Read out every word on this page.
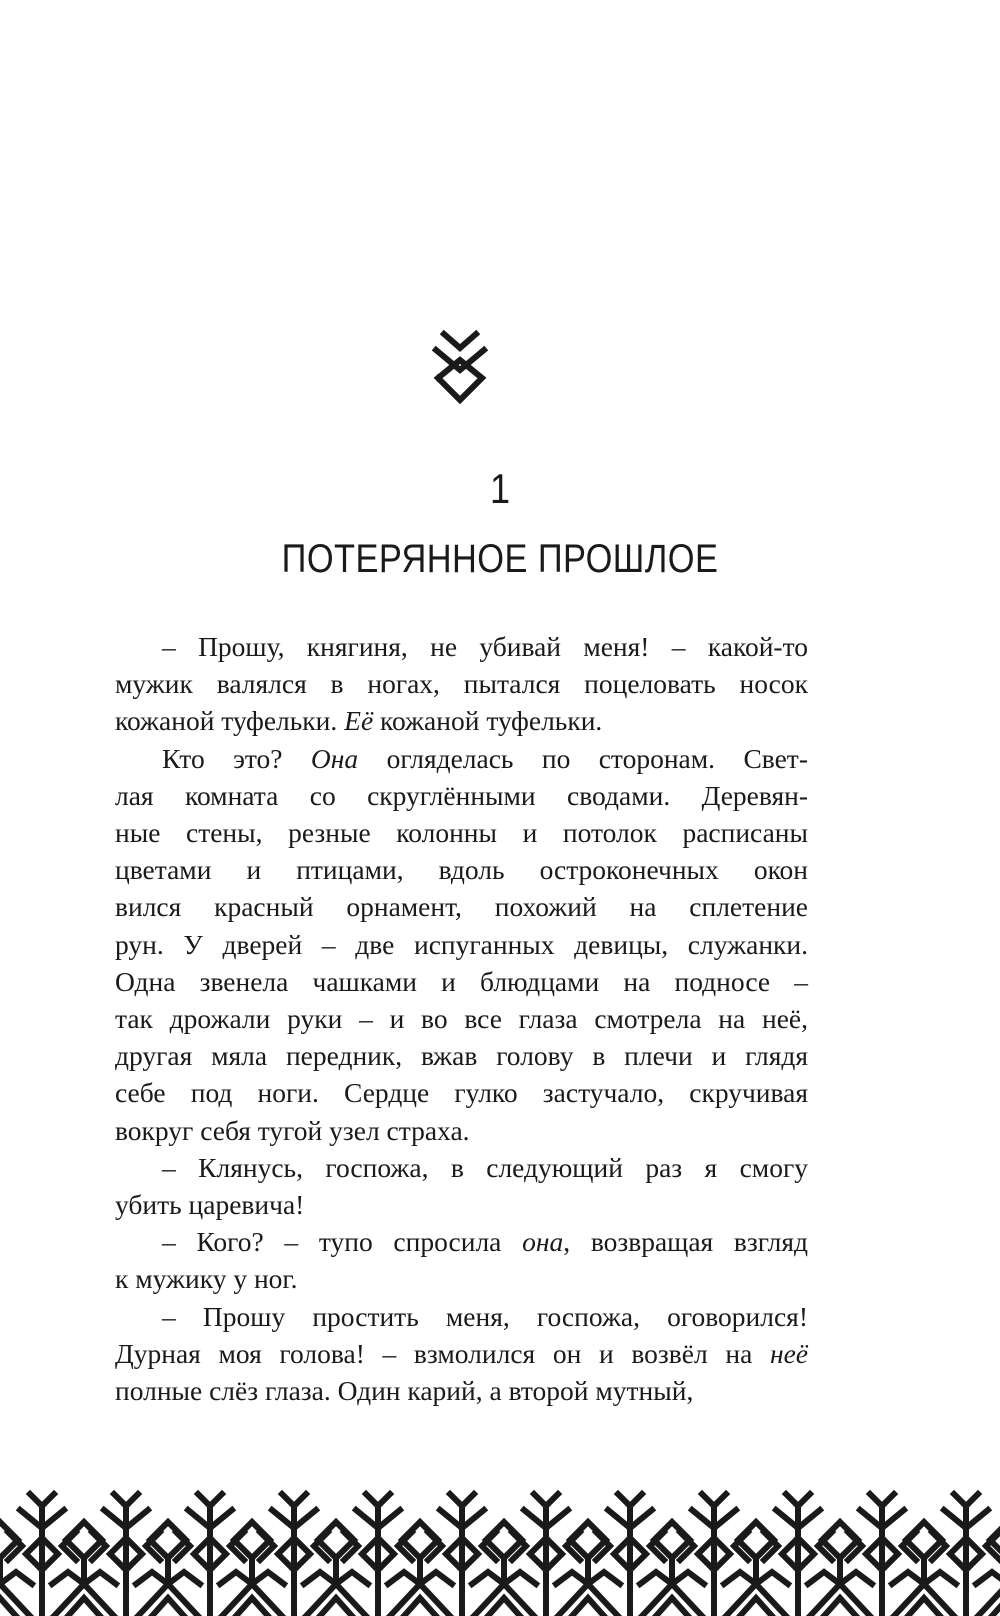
1
ПОТЕРЯННОЕ ПРОШЛОЕ

– Прошу, княгиня, не убивай меня! – какой-то
мужик валялся в ногах, пытался поцеловать носок
кожаной туфельки. Её кожаной туфельки.

Кто это? Она огляделась по сторонам. Свет-
лая комната со скруглёнными сводами. Деревян-
ные стены, резные колонны и потолок расписаны
цветами и птицами, вдоль остроконечных окон
вился красный орнамент, похожий на сплетение
рун. У дверей – две испуганных девицы, служанки.
Одна звенела чашками и блюдцами на подносе –
так дрожали руки – и во все глаза смотрела на неё,
другая мяла передник, вжав голову в плечи и глядя
себе под ноги. Сердце гулко застучало, скручивая
вокруг себя тугой узел страха.

– Клянусь, госпожа, в следующий раз я смогу
убить царевича!

– Кого? – тупо спросила она, возвращая взгляд
к мужику у ног.

– Прошу простить меня, госпожа, оговорился!
Дурная моя голова! – взмолился он и возвёл на неё
полные слёз глаза. Один карий, а второй мутный,
